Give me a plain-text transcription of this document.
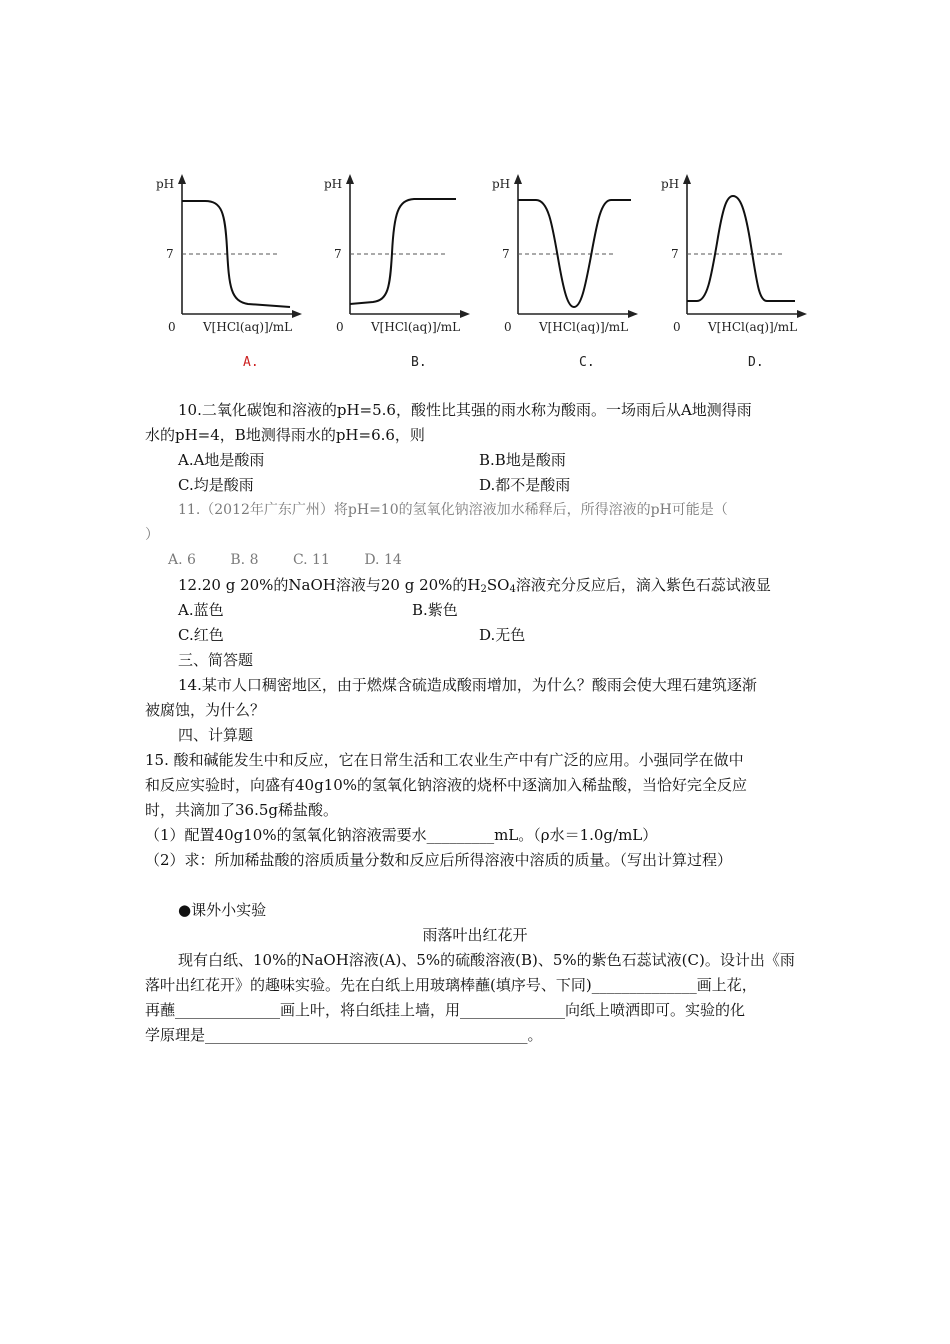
pH
7
0 V[HCl(aq)]/mL
A.
pH
7
0 V[HCl(aq)]/mL
B.
pH
7
0 V[HCl(aq)]/mL
C.
pH
7
0 V[HCl(aq)]/mL
D.
10.二氧化碳饱和溶液的pH=5.6，酸性比其强的雨水称为酸雨。一场雨后从A地测得雨
水的pH=4，B地测得雨水的pH=6.6，则
A.A地是酸雨	B.B地是酸雨
C.均是酸雨	D.都不是酸雨
11.（2012年广东广州）将pH=10的氢氧化钠溶液加水稀释后，所得溶液的pH可能是（
）
A. 6 B. 8 C. 11 D. 14
12.20 g 20%的NaOH溶液与20 g 20%的$H_2SO_4$溶液充分反应后，滴入紫色石蕊试液显
A.蓝色	B.紫色
C.红色	D.无色
三、简答题
14.某市人口稠密地区，由于燃煤含硫造成酸雨增加，为什么？酸雨会使大理石建筑逐渐
被腐蚀，为什么？
四、计算题
15. 酸和碱能发生中和反应，它在日常生活和工农业生产中有广泛的应用。小强同学在做中
和反应实验时，向盛有40g10%的氢氧化钠溶液的烧杯中逐滴加入稀盐酸，当恰好完全反应
时，共滴加了36.5g稀盐酸。
（1）配置40g10%的氢氧化钠溶液需要水_________mL。（ρ水＝1.0g/mL）
（2）求：所加稀盐酸的溶质质量分数和反应后所得溶液中溶质的质量。（写出计算过程）
●课外小实验
雨落叶出红花开
现有白纸、10%的NaOH溶液(A)、5%的硫酸溶液(B)、5%的紫色石蕊试液(C)。设计出《雨
落叶出红花开》的趣味实验。先在白纸上用玻璃棒蘸(填序号、下同)______________画上花，
再蘸______________画上叶，将白纸挂上墙，用______________向纸上喷洒即可。实验的化
学原理是___________________________________________。
